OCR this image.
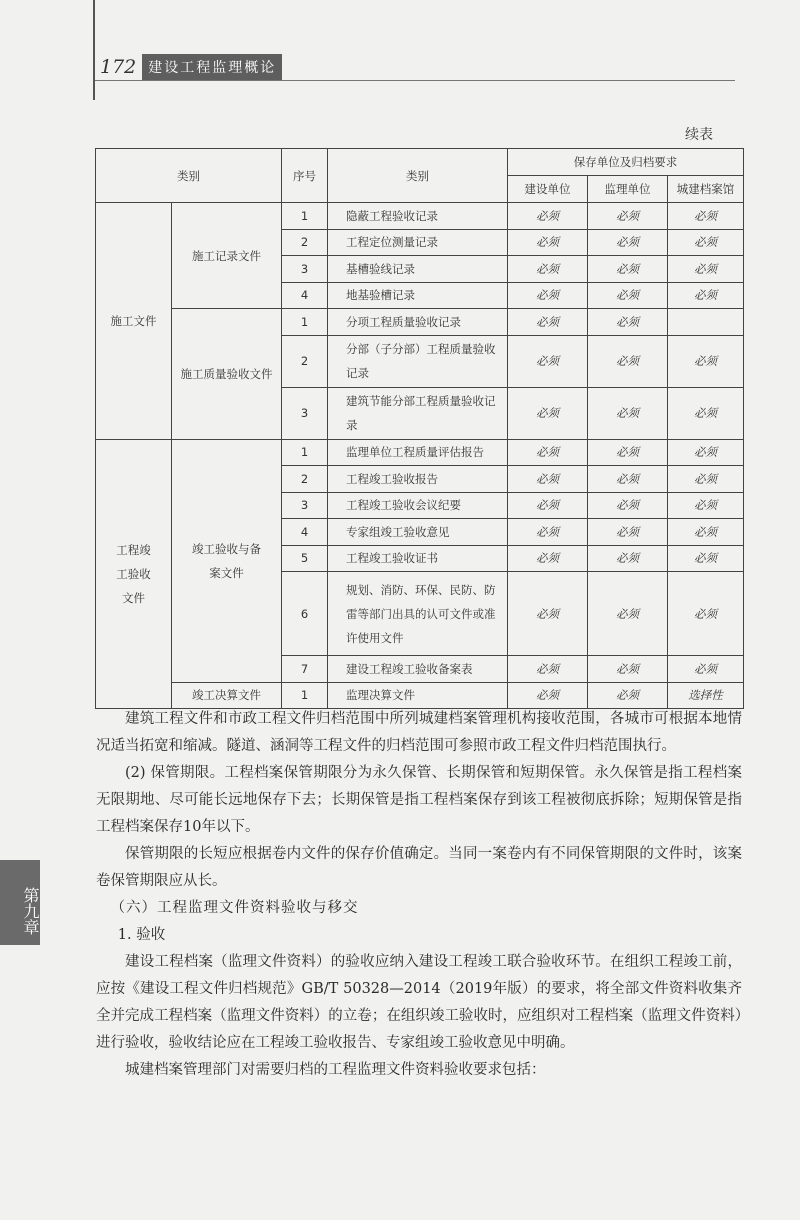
172 建设工程监理概论
续表
类别		序号	类别	保存单位及归档要求		
				建设单位	监理单位	城建档案馆
施工文件	施工记录文件	1	隐蔽工程验收记录	必须	必须	必须
		2	工程定位测量记录	必须	必须	必须
		3	基槽验线记录	必须	必须	必须
		4	地基验槽记录	必须	必须	必须
	施工质量验收文件	1	分项工程质量验收记录	必须	必须	
		2	分部（子分部）工程质量验收记录	必须	必须	必须
		3	建筑节能分部工程质量验收记录	必须	必须	必须
工程竣工验收文件	竣工验收与备案文件	1	监理单位工程质量评估报告	必须	必须	必须
		2	工程竣工验收报告	必须	必须	必须
		3	工程竣工验收会议纪要	必须	必须	必须
		4	专家组竣工验收意见	必须	必须	必须
		5	工程竣工验收证书	必须	必须	必须
		6	规划、消防、环保、民防、防雷等部门出具的认可文件或准许使用文件	必须	必须	必须
		7	建设工程竣工验收备案表	必须	必须	必须
	竣工决算文件	1	监理决算文件	必须	必须	选择性

建筑工程文件和市政工程文件归档范围中所列城建档案管理机构接收范围，各城市可根据本地情况适当拓宽和缩减。隧道、涵洞等工程文件的归档范围可参照市政工程文件归档范围执行。

(2) 保管期限。工程档案保管期限分为永久保管、长期保管和短期保管。永久保管是指工程档案无限期地、尽可能长远地保存下去；长期保管是指工程档案保存到该工程被彻底拆除；短期保管是指工程档案保存10年以下。

保管期限的长短应根据卷内文件的保存价值确定。当同一案卷内有不同保管期限的文件时，该案卷保管期限应从长。

（六）工程监理文件资料验收与移交

1. 验收

建设工程档案（监理文件资料）的验收应纳入建设工程竣工联合验收环节。在组织工程竣工前，应按《建设工程文件归档规范》GB/T 50328—2014（2019年版）的要求，将全部文件资料收集齐全并完成工程档案（监理文件资料）的立卷；在组织竣工验收时，应组织对工程档案（监理文件资料）进行验收，验收结论应在工程竣工验收报告、专家组竣工验收意见中明确。

城建档案管理部门对需要归档的工程监理文件资料验收要求包括：

第九章
